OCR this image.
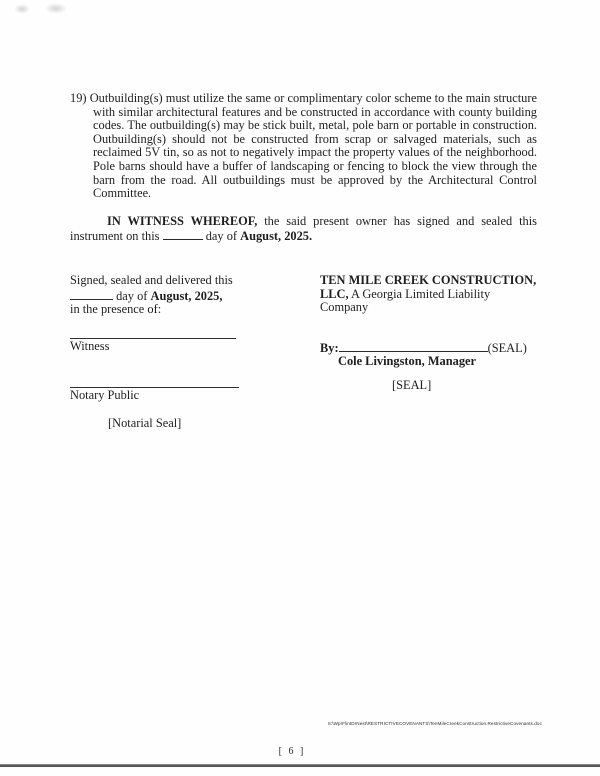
19) Outbuilding(s) must utilize the same or complimentary color scheme to the main structure with similar architectural features and be constructed in accordance with county building codes. The outbuilding(s) may be stick built, metal, pole barn or portable in construction. Outbuilding(s) should not be constructed from scrap or salvaged materials, such as reclaimed 5V tin, so as not to negatively impact the property values of the neighborhood. Pole barns should have a buffer of landscaping or fencing to block the view through the barn from the road. All outbuildings must be approved by the Architectural Control Committee.

IN WITNESS WHEREOF, the said present owner has signed and sealed this instrument on this	day of August, 2025.

Signed, sealed and delivered this
day of August, 2025,
in the presence of:

Witness

Notary Public

[Notarial Seal]

TEN MILE CREEK CONSTRUCTION,

LLC, A Georgia Limited Liability Company

By:	(SEAL)

Cole Livingston, Manager

[SEAL]

S:\Wp\FlintDrNest\RESTRICTIVECOVENANTS\TenMileCreekConstruction.RestrictiveCovenants.doc
[ 6 ]
